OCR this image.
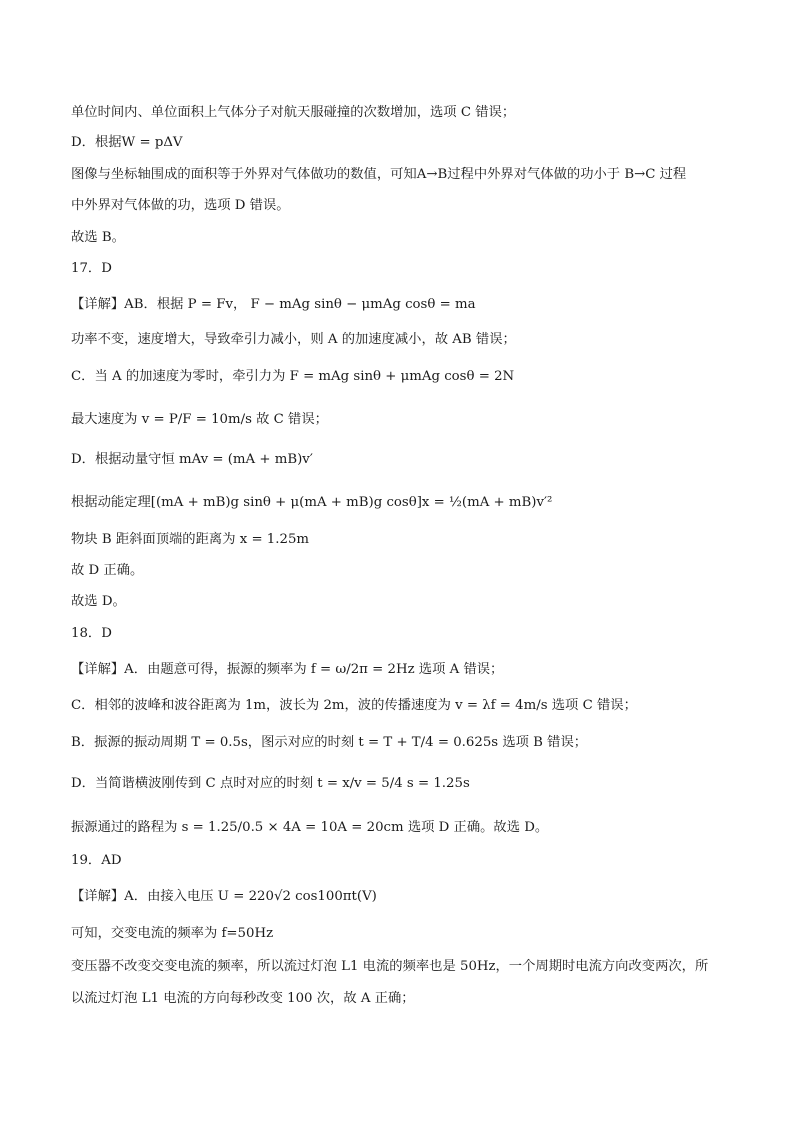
单位时间内、单位面积上气体分子对航天服碰撞的次数增加，选项 C 错误；
D．根据W = pΔV
图像与坐标轴围成的面积等于外界对气体做功的数值，可知A→B过程中外界对气体做的功小于 B→C 过程
中外界对气体做的功，选项 D 错误。
故选 B。
17．D
【详解】AB．根据 P = Fv， F − mAg sinθ − μmAg cosθ = ma
功率不变，速度增大，导致牵引力减小，则 A 的加速度减小，故 AB 错误；
C．当 A 的加速度为零时，牵引力为 F = mAg sinθ + μmAg cosθ = 2N
最大速度为 v = P/F = 10m/s 故 C 错误；
D．根据动量守恒 mAv = (mA + mB)v′
根据动能定理[(mA + mB)g sinθ + μ(mA + mB)g cosθ]x = ½(mA + mB)v′²
物块 B 距斜面顶端的距离为 x = 1.25m
故 D 正确。
故选 D。
18．D
【详解】A．由题意可得，振源的频率为 f = ω/2π = 2Hz 选项 A 错误；
C．相邻的波峰和波谷距离为 1m，波长为 2m，波的传播速度为 v = λf = 4m/s 选项 C 错误；
B．振源的振动周期 T = 0.5s，图示对应的时刻 t = T + T/4 = 0.625s 选项 B 错误；
D．当简谐横波刚传到 C 点时对应的时刻 t = x/v = 5/4 s = 1.25s
振源通过的路程为 s = 1.25/0.5 × 4A = 10A = 20cm 选项 D 正确。故选 D。
19．AD
【详解】A．由接入电压 U = 220√2 cos100πt(V)
可知，交变电流的频率为 f=50Hz
变压器不改变交变电流的频率，所以流过灯泡 L1 电流的频率也是 50Hz，一个周期时电流方向改变两次，所
以流过灯泡 L1 电流的方向每秒改变 100 次，故 A 正确；
